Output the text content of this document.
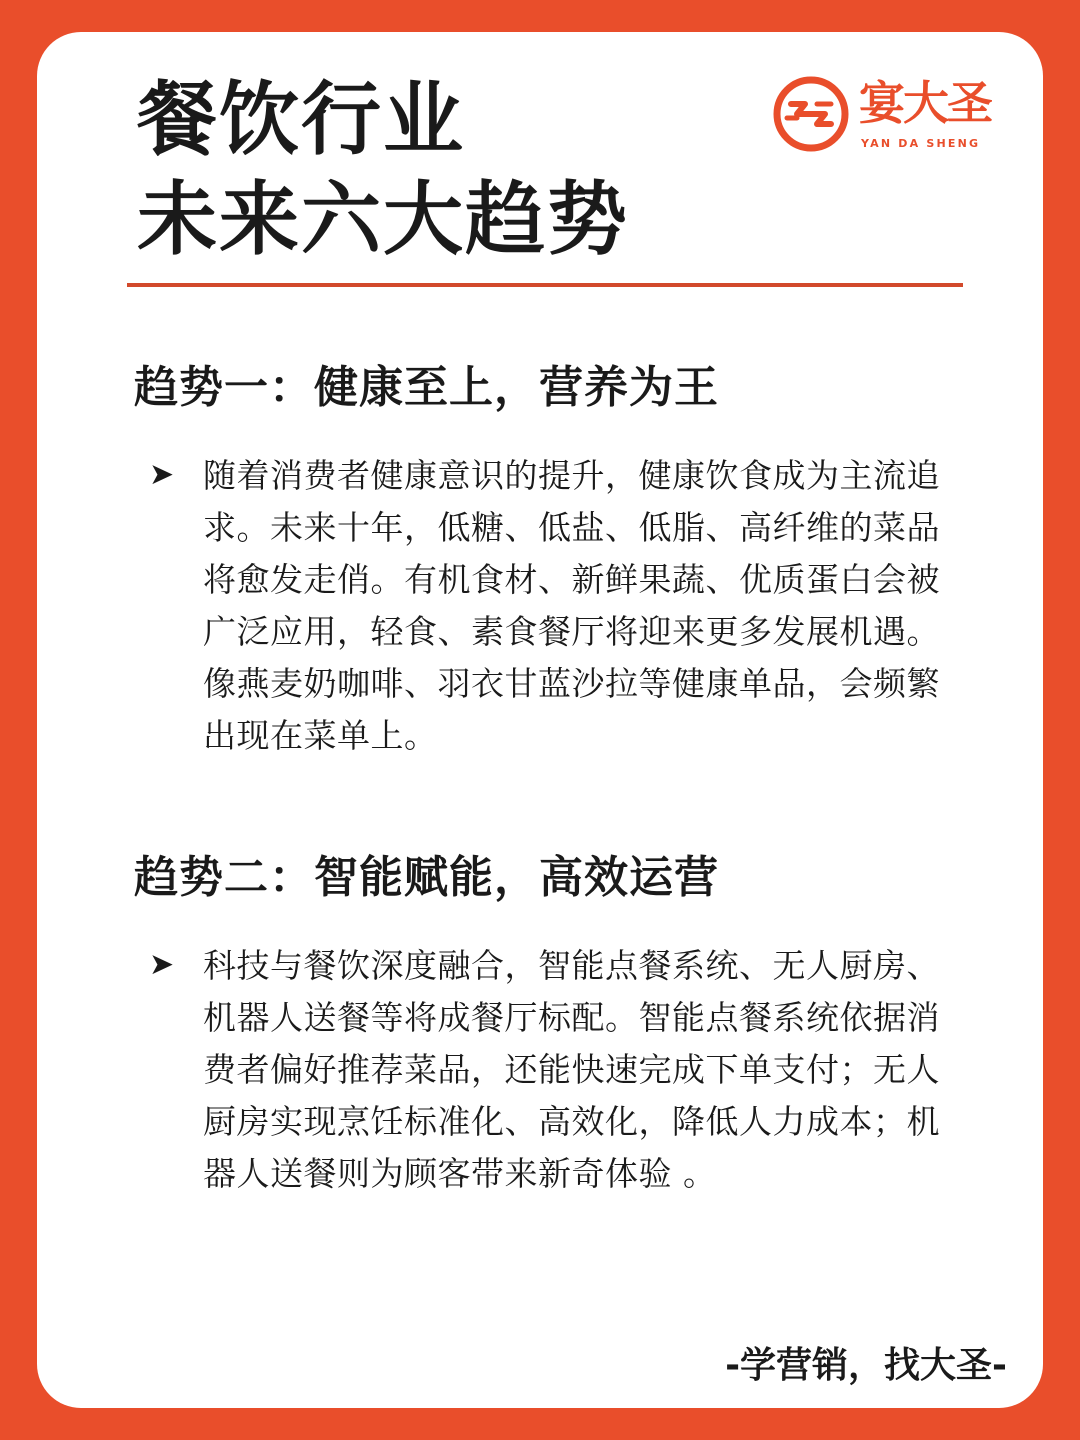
餐饮行业
未来六大趋势
宴大圣
YAN DA SHENG
趋势一：健康至上，营养为王
➤ 随着消费者健康意识的提升，健康饮食成为主流追求。未来十年，低糖、低盐、低脂、高纤维的菜品将愈发走俏。有机食材、新鲜果蔬、优质蛋白会被广泛应用，轻食、素食餐厅将迎来更多发展机遇。像燕麦奶咖啡、羽衣甘蓝沙拉等健康单品，会频繁出现在菜单上。
趋势二：智能赋能，高效运营
➤ 科技与餐饮深度融合，智能点餐系统、无人厨房、机器人送餐等将成餐厅标配。智能点餐系统依据消费者偏好推荐菜品，还能快速完成下单支付；无人厨房实现烹饪标准化、高效化，降低人力成本；机器人送餐则为顾客带来新奇体验 。
-学营销，找大圣-
